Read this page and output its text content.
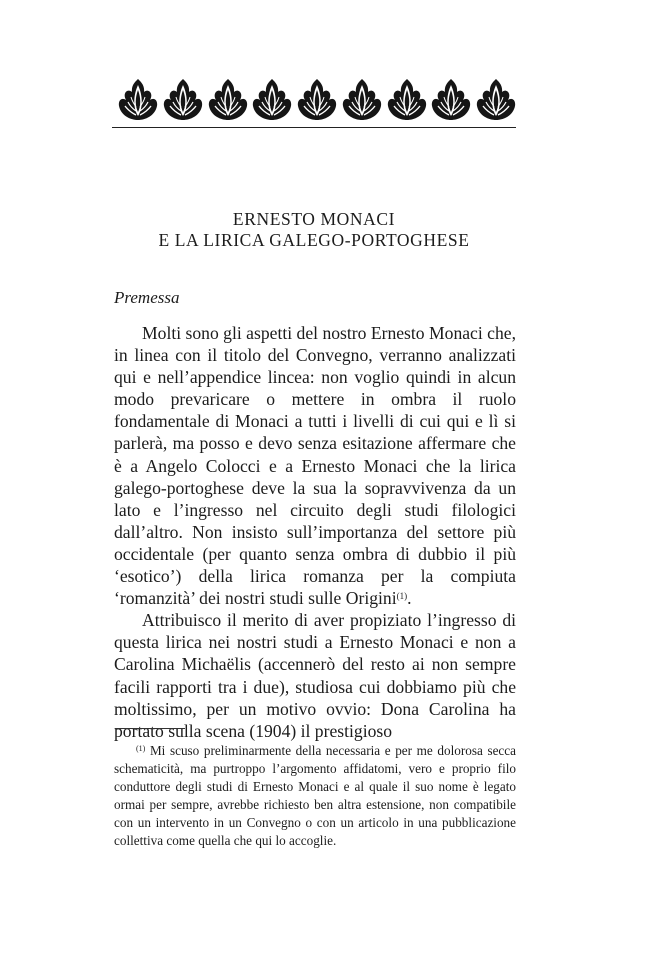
ERNESTO MONACI
E LA LIRICA GALEGO-PORTOGHESE
Premessa

Molti sono gli aspetti del nostro Ernesto Monaci che, in linea con il titolo del Convegno, verranno analizzati qui e nell’appendice lincea: non voglio quindi in alcun modo prevaricare o mettere in ombra il ruolo fondamentale di Monaci a tutti i livelli di cui qui e lì si parlerà, ma posso e devo senza esitazione affermare che è a Angelo Colocci e a Ernesto Monaci che la lirica galego-portoghese deve la sua la sopravvivenza da un lato e l’ingresso nel circuito degli studi filologici dall’altro. Non insisto sull’importanza del settore più occidentale (per quanto senza ombra di dubbio il più ‘esotico’) della lirica romanza per la compiuta ‘romanzità’ dei nostri studi sulle Origini$^{(1)}$.

Attribuisco il merito di aver propiziato l’ingresso di questa lirica nei nostri studi a Ernesto Monaci e non a Carolina Michaëlis (accennerò del resto ai non sempre facili rapporti tra i due), studiosa cui dobbiamo più che moltissimo, per un motivo ovvio: Dona Carolina ha portato sulla scena (1904) il prestigioso

$^{(1)}$ Mi scuso preliminarmente della necessaria e per me dolorosa secca schematicità, ma purtroppo l’argomento affidatomi, vero e proprio filo conduttore degli studi di Ernesto Monaci e al quale il suo nome è legato ormai per sempre, avrebbe richiesto ben altra estensione, non compatibile con un intervento in un Convegno o con un articolo in una pubblicazione collettiva come quella che qui lo accoglie.
